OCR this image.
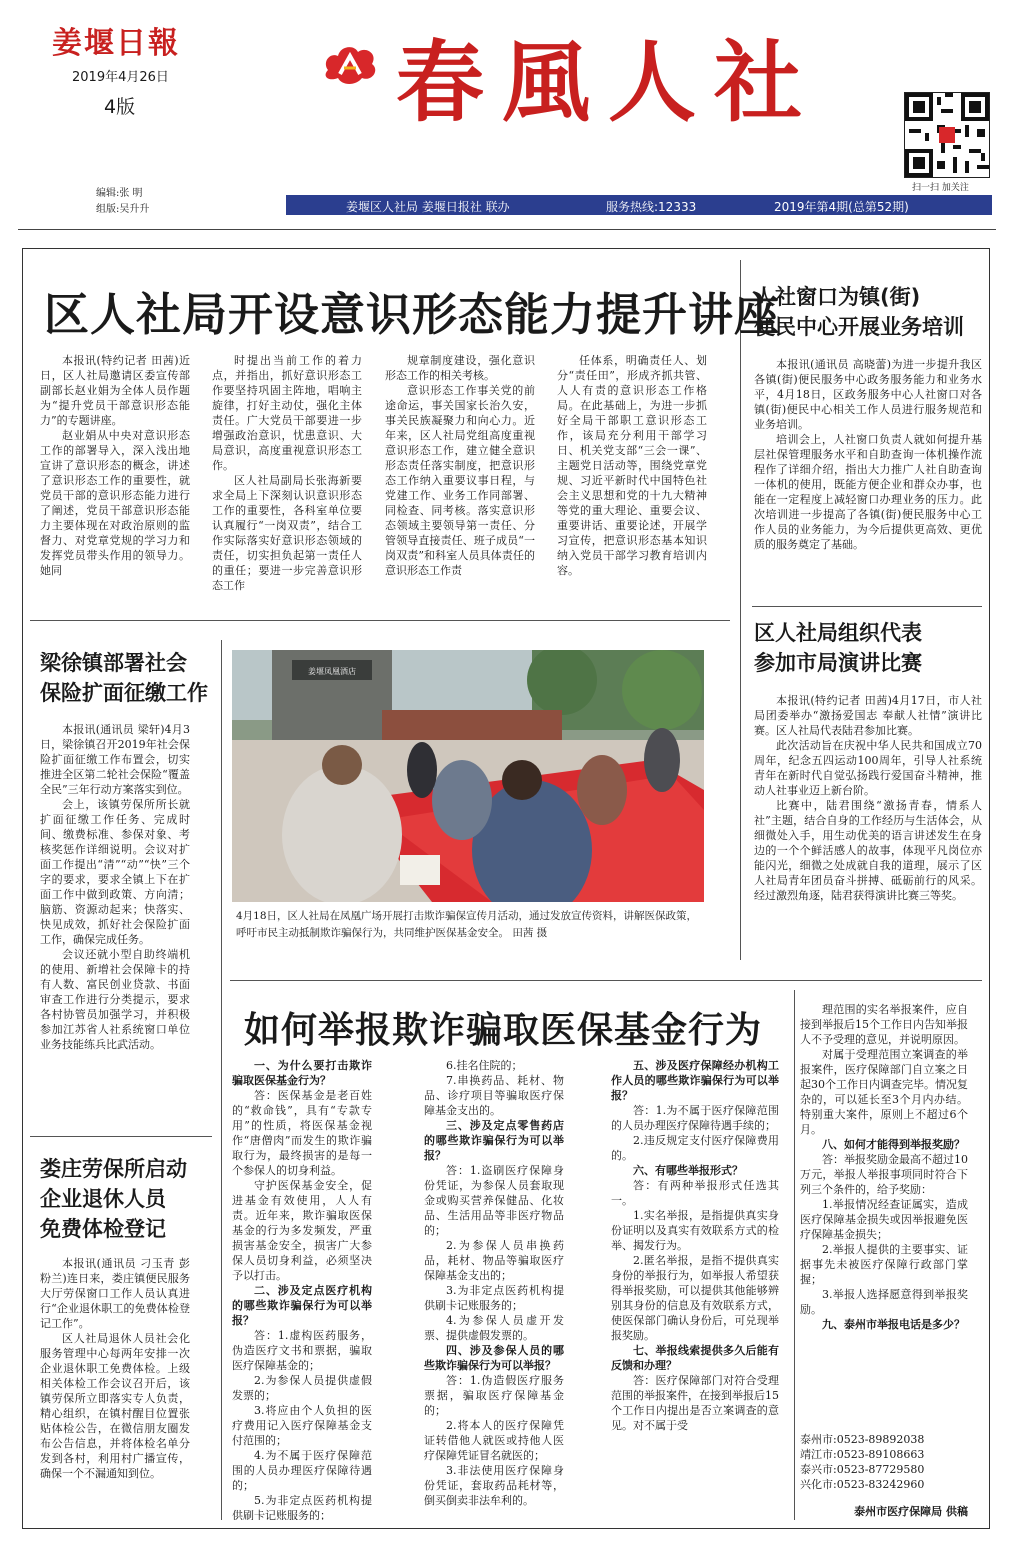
姜堰日報
2019年4月26日
4版
编辑:张 明
组版:吴升升
春風人社
扫一扫 加关注
姜堰区人社局 姜堰日报社 联办	服务热线:12333	2019年第4期(总第52期)
区人社局开设意识形态能力提升讲座

本报讯(特约记者 田茜)近日，区人社局邀请区委宣传部副部长赵业娟为全体人员作题为“提升党员干部意识形态能力”的专题讲座。

赵业娟从中央对意识形态工作的部署导入，深入浅出地宣讲了意识形态的概念，讲述了意识形态工作的重要性，就党员干部的意识形态能力进行了阐述，党员干部意识形态能力主要体现在对政治原则的监督力、对党章党规的学习力和发挥党员带头作用的领导力。她同

时提出当前工作的着力点，并指出，抓好意识形态工作要坚持巩固主阵地，唱响主旋律，打好主动仗，强化主体责任。广大党员干部要进一步增强政治意识，忧患意识、大局意识，高度重视意识形态工作。

区人社局副局长张海新要求全局上下深刻认识意识形态工作的重要性，各科室单位要认真履行“一岗双责”，结合工作实际落实好意识形态领域的责任，切实担负起第一责任人的重任；要进一步完善意识形态工作

规章制度建设，强化意识形态工作的相关考核。

意识形态工作事关党的前途命运，事关国家长治久安，事关民族凝聚力和向心力。近年来，区人社局党组高度重视意识形态工作，建立健全意识形态责任落实制度，把意识形态工作纳入重要议事日程，与党建工作、业务工作同部署、同检查、同考核。落实意识形态领域主要领导第一责任、分管领导直接责任、班子成员“一岗双责”和科室人员具体责任的意识形态工作责

任体系，明确责任人、划分“责任田”，形成齐抓共管、人人有责的意识形态工作格局。在此基础上，为进一步抓好全局干部职工意识形态工作，该局充分利用干部学习日、机关党支部“三会一课”、主题党日活动等，围绕党章党规、习近平新时代中国特色社会主义思想和党的十九大精神等党的重大理论、重要会议、重要讲话、重要论述，开展学习宣传，把意识形态基本知识纳入党员干部学习教育培训内容。

人社窗口为镇(街)
便民中心开展业务培训

本报讯(通讯员 高晓蕾)为进一步提升我区各镇(街)便民服务中心政务服务能力和业务水平，4月18日，区政务服务中心人社窗口对各镇(街)便民中心相关工作人员进行服务规范和业务培训。

培训会上，人社窗口负责人就如何提升基层社保管理服务水平和自助查询一体机操作流程作了详细介绍，指出大力推广人社自助查询一体机的使用，既能方便企业和群众办事，也能在一定程度上减轻窗口办理业务的压力。此次培训进一步提高了各镇(街)便民服务中心工作人员的业务能力，为今后提供更高效、更优质的服务奠定了基础。

梁徐镇部署社会
保险扩面征缴工作

本报讯(通讯员 梁轩)4月3日，梁徐镇召开2019年社会保险扩面征缴工作布置会，切实推进全区第二轮社会保险“覆盖全民”三年行动方案落实到位。

会上，该镇劳保所所长就扩面征缴工作任务、完成时间、缴费标准、参保对象、考核奖惩作详细说明。会议对扩面工作提出“清”“动”“快”三个字的要求，要求全镇上下在扩面工作中做到政策、方向清；脑筋、资源动起来；快落实、快见成效，抓好社会保险扩面工作，确保完成任务。

会议还就小型自助终端机的使用、新增社会保障卡的持有人数、富民创业贷款、书面审查工作进行分类提示，要求各村协管员加强学习，并积极参加江苏省人社系统窗口单位业务技能练兵比武活动。

姜堰凤凰酒店
4月18日，区人社局在凤凰广场开展打击欺诈骗保宣传月活动，通过发放宣传资料，讲解医保政策，呼吁市民主动抵制欺诈骗保行为，共同维护医保基金安全。 田茜 摄
区人社局组织代表
参加市局演讲比赛

本报讯(特约记者 田茜)4月17日，市人社局团委举办“激扬爱国志 奉献人社情”演讲比赛。区人社局代表陆君参加比赛。

此次活动旨在庆祝中华人民共和国成立70周年，纪念五四运动100周年，引导人社系统青年在新时代自觉弘扬践行爱国奋斗精神，推动人社事业迈上新台阶。

比赛中，陆君围绕“激扬青春，情系人社”主题，结合自身的工作经历与生活体会，从细微处入手，用生动优美的语言讲述发生在身边的一个个鲜活感人的故事，体现平凡岗位亦能闪光，细微之处成就自我的道理，展示了区人社局青年团员奋斗拼搏、砥砺前行的风采。经过激烈角逐，陆君获得演讲比赛三等奖。

娄庄劳保所启动
企业退休人员
免费体检登记

本报讯(通讯员 刁玉青 彭粉兰)连日来，娄庄镇便民服务大厅劳保窗口工作人员认真进行“企业退休职工的免费体检登记工作”。

区人社局退休人员社会化服务管理中心每两年安排一次企业退休职工免费体检。上级相关体检工作会议召开后，该镇劳保所立即落实专人负责，精心组织，在镇村醒目位置张贴体检公告，在微信朋友圈发布公告信息，并将体检名单分发到各村，利用村广播宣传，确保一个不漏通知到位。

如何举报欺诈骗取医保基金行为

一、为什么要打击欺诈骗取医保基金行为？

答：医保基金是老百姓的“救命钱”，具有“专款专用”的性质，将医保基金视作“唐僧肉”而发生的欺诈骗取行为，最终损害的是每一个参保人的切身利益。

守护医保基金安全，促进基金有效使用，人人有责。近年来，欺诈骗取医保基金的行为多发频发，严重损害基金安全，损害广大参保人员切身利益，必须坚决予以打击。

二、涉及定点医疗机构的哪些欺诈骗保行为可以举报？

答：1.虚构医药服务，伪造医疗文书和票据，骗取医疗保障基金的；

2.为参保人员提供虚假发票的；

3.将应由个人负担的医疗费用记入医疗保障基金支付范围的；

4.为不属于医疗保障范围的人员办理医疗保障待遇的；

5.为非定点医药机构提供刷卡记账服务的；

6.挂名住院的；

7.串换药品、耗材、物品、诊疗项目等骗取医疗保障基金支出的。

三、涉及定点零售药店的哪些欺诈骗保行为可以举报？

答：1.盗刷医疗保障身份凭证，为参保人员套取现金或购买营养保健品、化妆品、生活用品等非医疗物品的；

2.为参保人员串换药品，耗材、物品等骗取医疗保障基金支出的；

3.为非定点医药机构提供刷卡记账服务的；

4.为参保人员虚开发票、提供虚假发票的。

四、涉及参保人员的哪些欺诈骗保行为可以举报？

答：1.伪造假医疗服务票据，骗取医疗保障基金的；

2.将本人的医疗保障凭证转借他人就医或持他人医疗保障凭证冒名就医的；

3.非法使用医疗保障身份凭证，套取药品耗材等，倒买倒卖非法牟利的。

五、涉及医疗保障经办机构工作人员的哪些欺诈骗保行为可以举报？

答：1.为不属于医疗保障范围的人员办理医疗保障待遇手续的；

2.违反规定支付医疗保障费用的。

六、有哪些举报形式？

答：有两种举报形式任选其一。

1.实名举报，是指提供真实身份证明以及真实有效联系方式的检举、揭发行为。

2.匿名举报，是指不提供真实身份的举报行为，如举报人希望获得举报奖励，可以提供其他能够辨别其身份的信息及有效联系方式，使医保部门确认身份后，可兑现举报奖励。

七、举报线索提供多久后能有反馈和办理？

答：医疗保障部门对符合受理范围的举报案件，在接到举报后15个工作日内提出是否立案调查的意见。对不属于受

理范围的实名举报案件，应自接到举报后15个工作日内告知举报人不予受理的意见，并说明原因。

对属于受理范围立案调查的举报案件，医疗保障部门自立案之日起30个工作日内调查完毕。情况复杂的，可以延长至3个月内办结。特别重大案件，原则上不超过6个月。

八、如何才能得到举报奖励？

答：举报奖励金最高不超过10万元，举报人举报事项同时符合下列三个条件的，给予奖励：

1.举报情况经查证属实，造成医疗保障基金损失或因举报避免医疗保障基金损失；

2.举报人提供的主要事实、证据事先未被医疗保障行政部门掌握；

3.举报人选择愿意得到举报奖励。

九、泰州市举报电话是多少？

泰州市:0523-89892038
靖江市:0523-89108663
泰兴市:0523-87729580
兴化市:0523-83242960
泰州市医疗保障局 供稿
